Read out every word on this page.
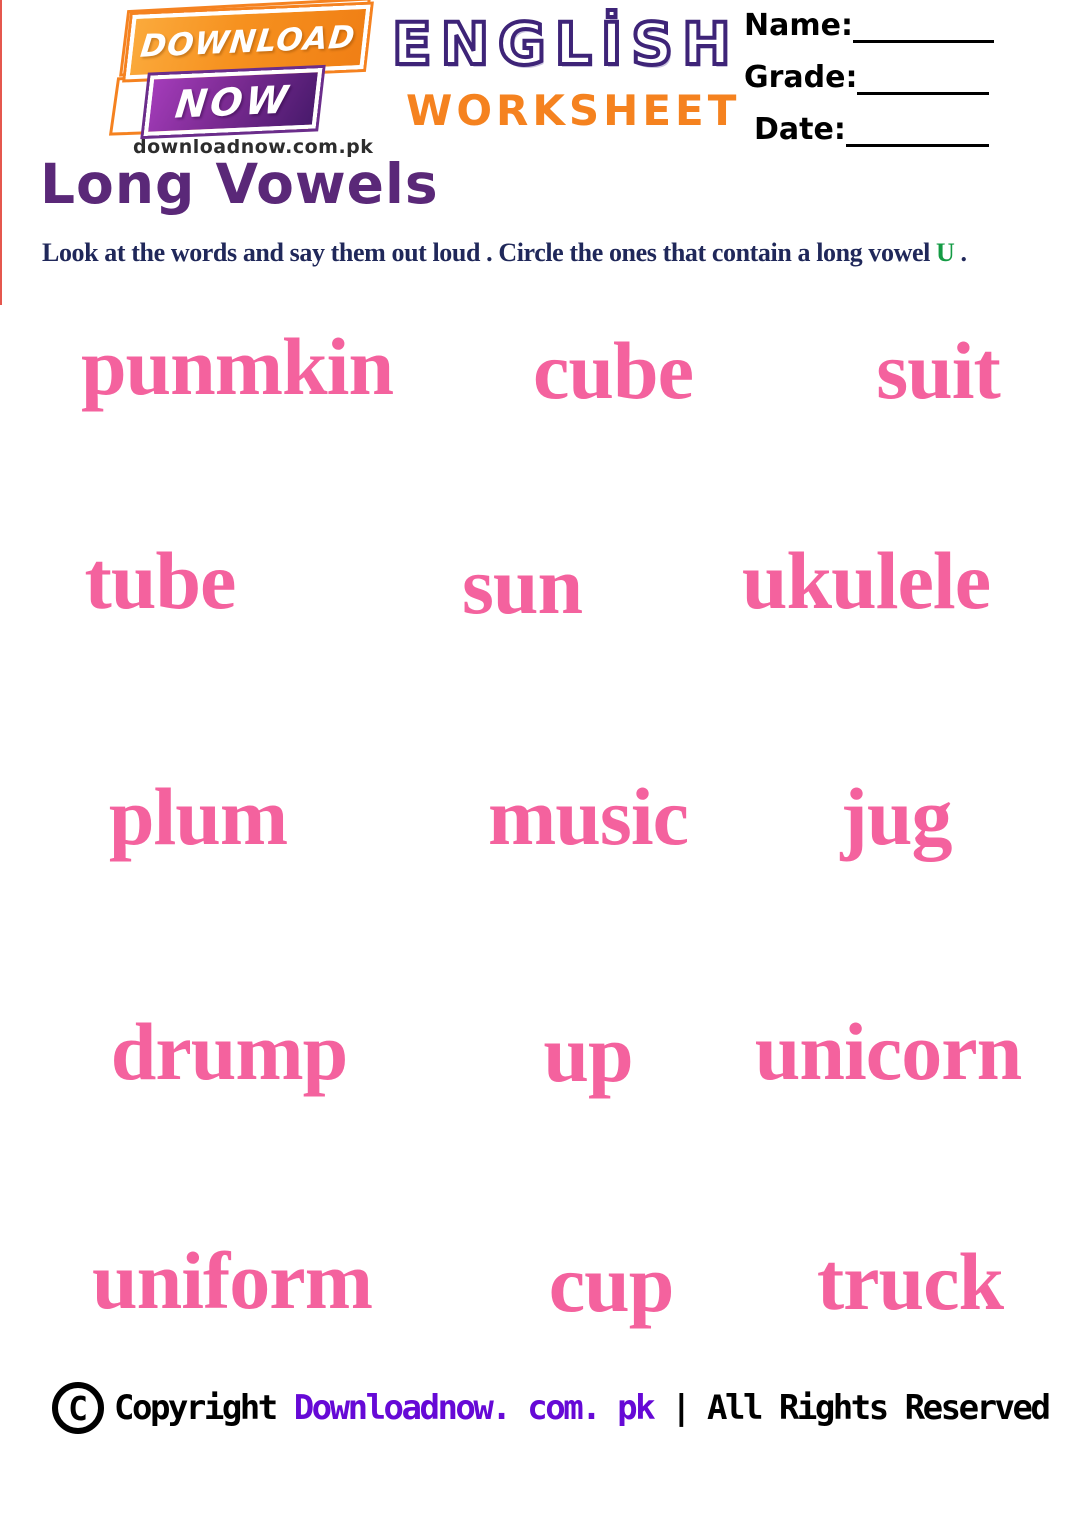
DOWNLOAD
NOW
downloadnow.com.pk
ENGLİSH
WORKSHEET
Name:
Grade:
Date:
Long Vowels
Look at the words and say them out loud . Circle the ones that contain a long vowel U .
punmkin cube suit
tube	sun ukulele
plum music jug
drump up unicorn
uniform cup truck
C Copyright Downloadnow. com. pk | All Rights Reserved
